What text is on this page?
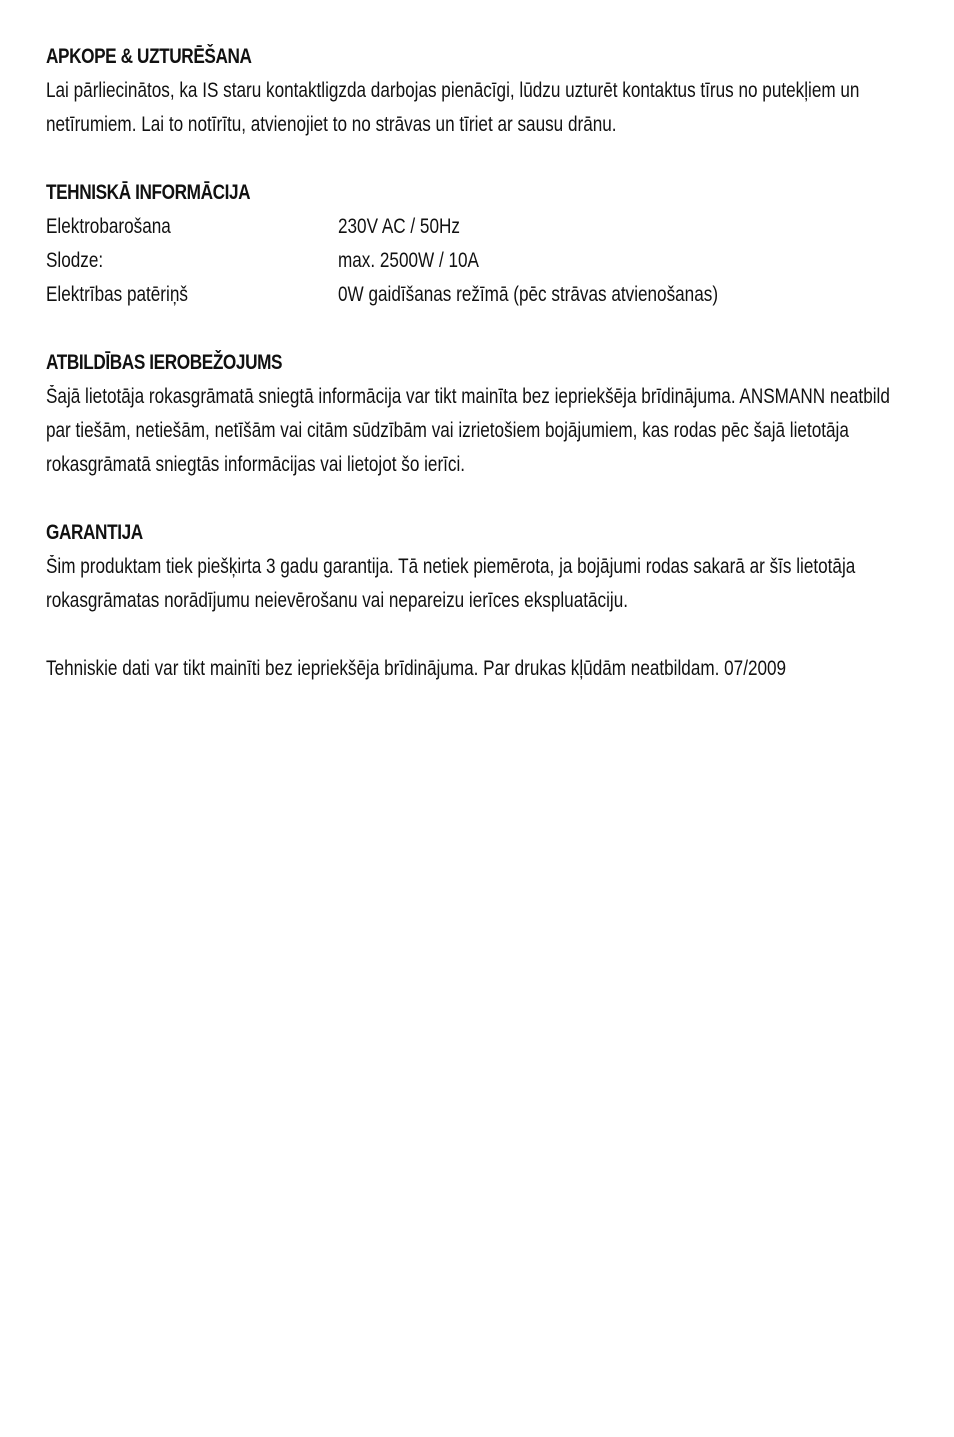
APKOPE & UZTURĒŠANA

Lai pārliecinātos, ka IS staru kontaktligzda darbojas pienācīgi, lūdzu uzturēt kontaktus tīrus no putekļiem un netīrumiem. Lai to notīrītu, atvienojiet to no strāvas un tīriet ar sausu drānu.

TEHNISKĀ INFORMĀCIJA
Elektrobarošana	230V AC / 50Hz
Slodze:	max. 2500W / 10A
Elektrības patēriņš	0W gaidīšanas režīmā (pēc strāvas atvienošanas)
ATBILDĪBAS IEROBEŽOJUMS

Šajā lietotāja rokasgrāmatā sniegtā informācija var tikt mainīta bez iepriekšēja brīdinājuma. ANSMANN neatbild par tiešām, netiešām, netīšām vai citām sūdzībām vai izrietošiem bojājumiem, kas rodas pēc šajā lietotāja rokasgrāmatā sniegtās informācijas vai lietojot šo ierīci.

GARANTIJA

Šim produktam tiek piešķirta 3 gadu garantija. Tā netiek piemērota, ja bojājumi rodas sakarā ar šīs lietotāja rokasgrāmatas norādījumu neievērošanu vai nepareizu ierīces ekspluatāciju.

Tehniskie dati var tikt mainīti bez iepriekšēja brīdinājuma. Par drukas kļūdām neatbildam. 07/2009
